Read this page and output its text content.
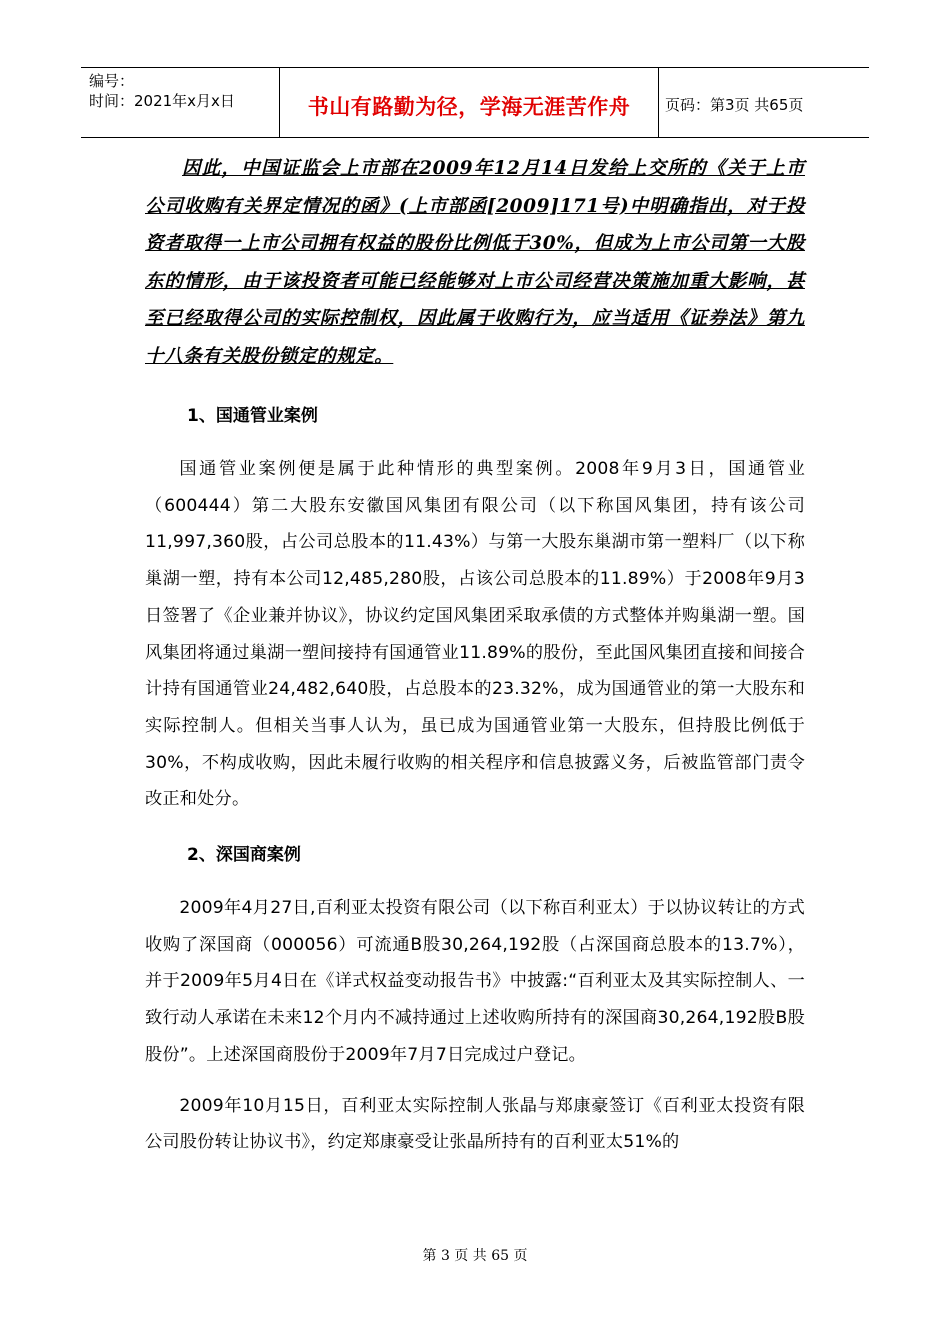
编号：
时间：2021年x月x日	书山有路勤为径，学海无涯苦作舟	页码：第3页 共65页

因此，中国证监会上市部在2009年12月14日发给上交所的《关于上市公司收购有关界定情况的函》(上市部函[2009]171号)中明确指出，对于投资者取得一上市公司拥有权益的股份比例低于30%，但成为上市公司第一大股东的情形，由于该投资者可能已经能够对上市公司经营决策施加重大影响，甚至已经取得公司的实际控制权，因此属于收购行为，应当适用《证券法》第九十八条有关股份锁定的规定。

1、国通管业案例

国通管业案例便是属于此种情形的典型案例。2008年9月3日，国通管业（600444）第二大股东安徽国风集团有限公司（以下称国风集团，持有该公司11,997,360股，占公司总股本的11.43%）与第一大股东巢湖市第一塑料厂（以下称巢湖一塑，持有本公司12,485,280股，占该公司总股本的11.89%）于2008年9月3日签署了《企业兼并协议》，协议约定国风集团采取承债的方式整体并购巢湖一塑。国风集团将通过巢湖一塑间接持有国通管业11.89%的股份，至此国风集团直接和间接合计持有国通管业24,482,640股，占总股本的23.32%，成为国通管业的第一大股东和实际控制人。但相关当事人认为，虽已成为国通管业第一大股东，但持股比例低于30%，不构成收购，因此未履行收购的相关程序和信息披露义务，后被监管部门责令改正和处分。

2、深国商案例

2009年4月27日,百利亚太投资有限公司（以下称百利亚太）于以协议转让的方式收购了深国商（000056）可流通B股30,264,192股（占深国商总股本的13.7%），并于2009年5月4日在《详式权益变动报告书》中披露:“百利亚太及其实际控制人、一致行动人承诺在未来12个月内不减持通过上述收购所持有的深国商30,264,192股B股股份”。上述深国商股份于2009年7月7日完成过户登记。

2009年10月15日，百利亚太实际控制人张晶与郑康豪签订《百利亚太投资有限公司股份转让协议书》，约定郑康豪受让张晶所持有的百利亚太51%的

第 3 页 共 65 页
